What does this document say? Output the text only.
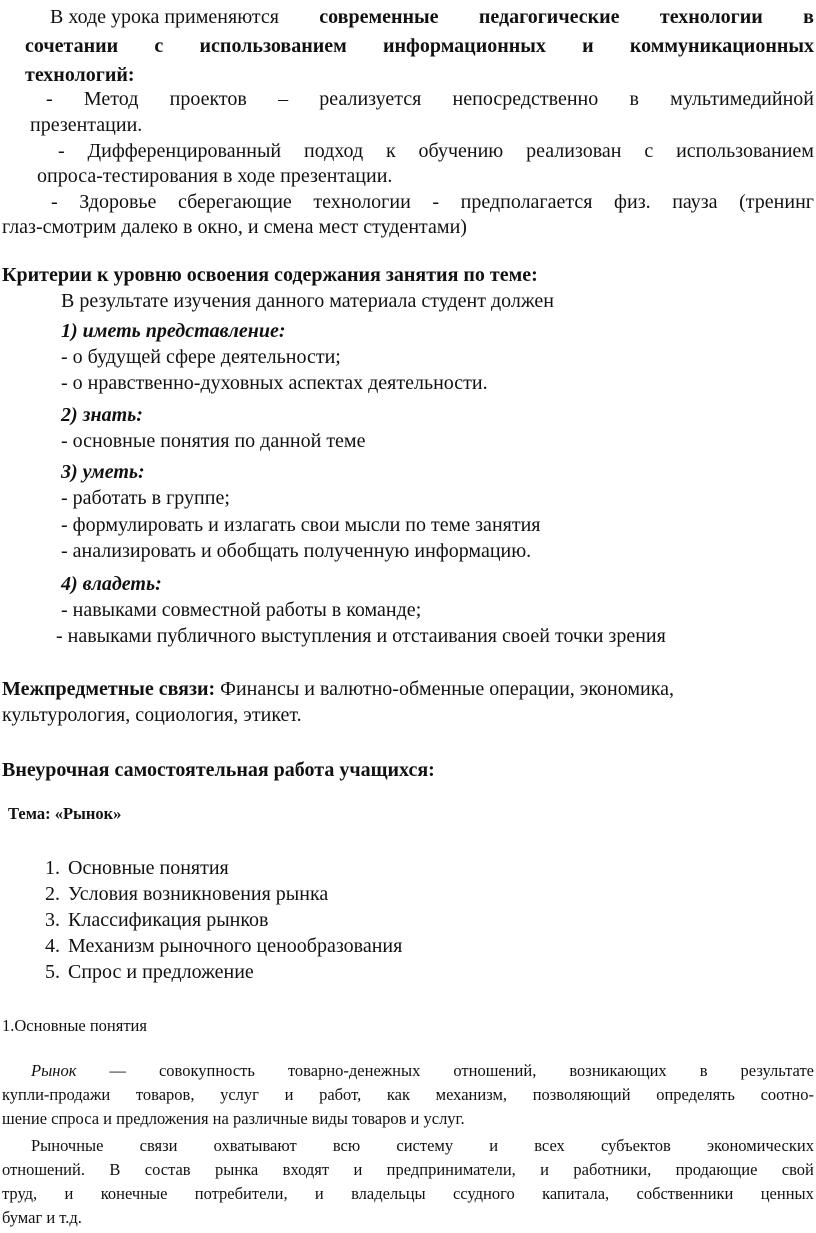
В ходе урока применяются современные педагогические технологии в
сочетании с использованием информационных и коммуникационных
технологий:
- Метод проектов – реализуется непосредственно в мультимедийной
презентации.
- Дифференцированный подход к обучению реализован с использованием
опроса-тестирования в ходе презентации.
- Здоровье сберегающие технологии - предполагается физ. пауза (тренинг
глаз-смотрим далеко в окно, и смена мест студентами)
Критерии к уровню освоения содержания занятия по теме:
В результате изучения данного материала студент должен
1) иметь представление:
- о будущей сфере деятельности;
- о нравственно-духовных аспектах деятельности.
2) знать:
- основные понятия по данной теме
3) уметь:
- работать в группе;
- формулировать и излагать свои мысли по теме занятия
- анализировать и обобщать полученную информацию.
4) владеть:
- навыками совместной работы в команде;
- навыками публичного выступления и отстаивания своей точки зрения
Межпредметные связи: Финансы и валютно-обменные операции, экономика,
культурология, социология, этикет.
Внеурочная самостоятельная работа учащихся:
Тема: «Рынок»
1. Основные понятия
2. Условия возникновения рынка
3. Классификация рынков
4. Механизм рыночного ценообразования
5. Спрос и предложение
1.Основные понятия
Рынок — совокупность товарно-денежных отношений, возникающих в результате
купли-продажи товаров, услуг и работ, как механизм, позволяющий определять соотно-
шение спроса и предложения на различные виды товаров и услуг.
Рыночные связи охватывают всю систему и всех субъектов экономических
отношений. В состав рынка входят и предприниматели, и работники, продающие свой
труд, и конечные потребители, и владельцы ссудного капитала, собственники ценных
бумаг и т.д.
